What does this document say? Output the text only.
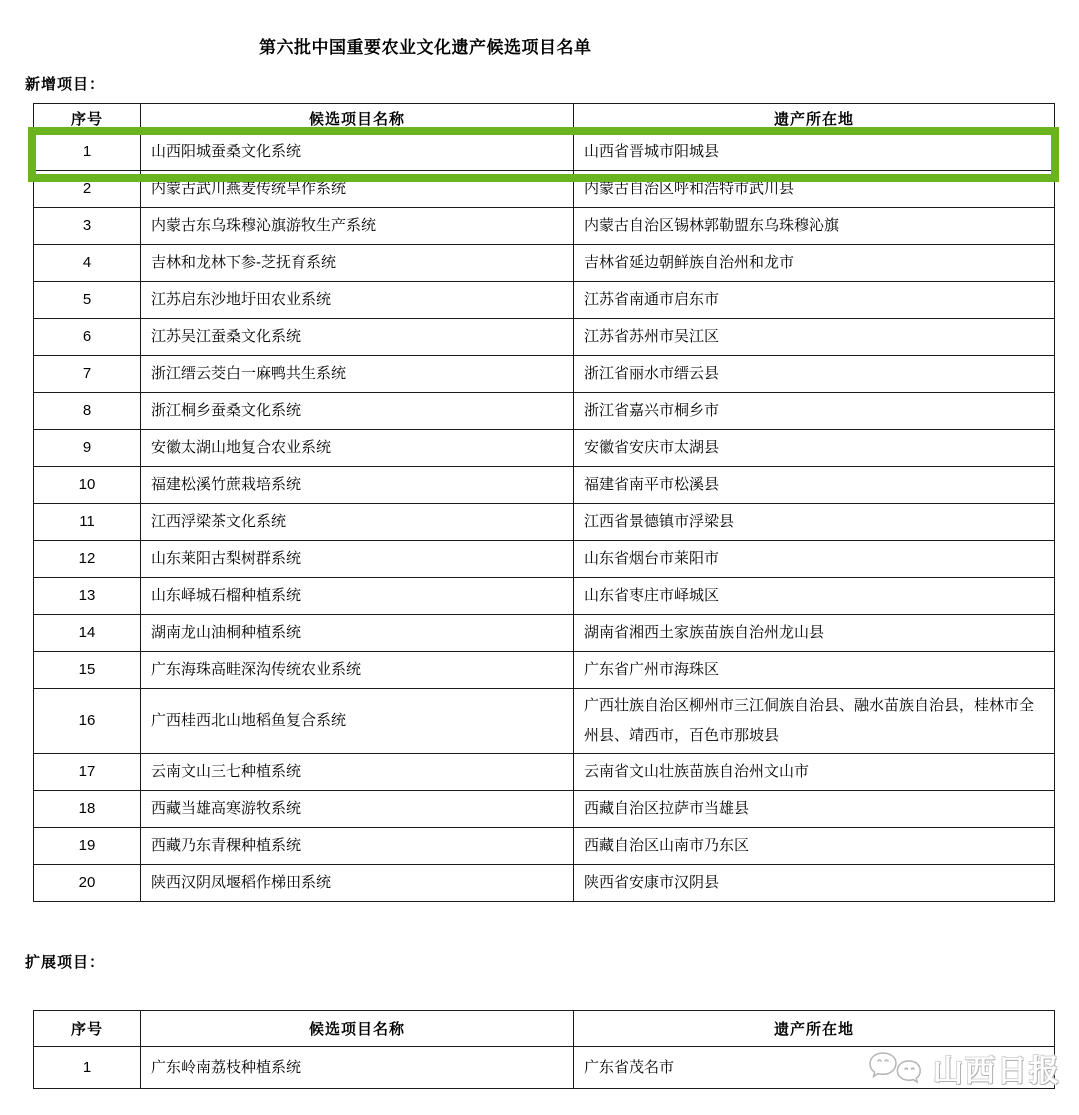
第六批中国重要农业文化遗产候选项目名单
新增项目：
序号	候选项目名称	遗产所在地
1	山西阳城蚕桑文化系统	山西省晋城市阳城县
2	内蒙古武川燕麦传统旱作系统	内蒙古自治区呼和浩特市武川县
3	内蒙古东乌珠穆沁旗游牧生产系统	内蒙古自治区锡林郭勒盟东乌珠穆沁旗
4	吉林和龙林下参-芝抚育系统	吉林省延边朝鲜族自治州和龙市
5	江苏启东沙地圩田农业系统	江苏省南通市启东市
6	江苏吴江蚕桑文化系统	江苏省苏州市吴江区
7	浙江缙云茭白一麻鸭共生系统	浙江省丽水市缙云县
8	浙江桐乡蚕桑文化系统	浙江省嘉兴市桐乡市
9	安徽太湖山地复合农业系统	安徽省安庆市太湖县
10	福建松溪竹蔗栽培系统	福建省南平市松溪县
11	江西浮梁茶文化系统	江西省景德镇市浮梁县
12	山东莱阳古梨树群系统	山东省烟台市莱阳市
13	山东峄城石榴种植系统	山东省枣庄市峄城区
14	湖南龙山油桐种植系统	湖南省湘西土家族苗族自治州龙山县
15	广东海珠高畦深沟传统农业系统	广东省广州市海珠区
16	广西桂西北山地稻鱼复合系统	广西壮族自治区柳州市三江侗族自治县、融水苗族自治县，桂林市全州县、靖西市，百色市那坡县
17	云南文山三七种植系统	云南省文山壮族苗族自治州文山市
18	西藏当雄高寒游牧系统	西藏自治区拉萨市当雄县
19	西藏乃东青稞种植系统	西藏自治区山南市乃东区
20	陕西汉阴凤堰稻作梯田系统	陕西省安康市汉阴县
扩展项目：
序号	候选项目名称	遗产所在地
1	广东岭南荔枝种植系统	广东省茂名市	山西日报
